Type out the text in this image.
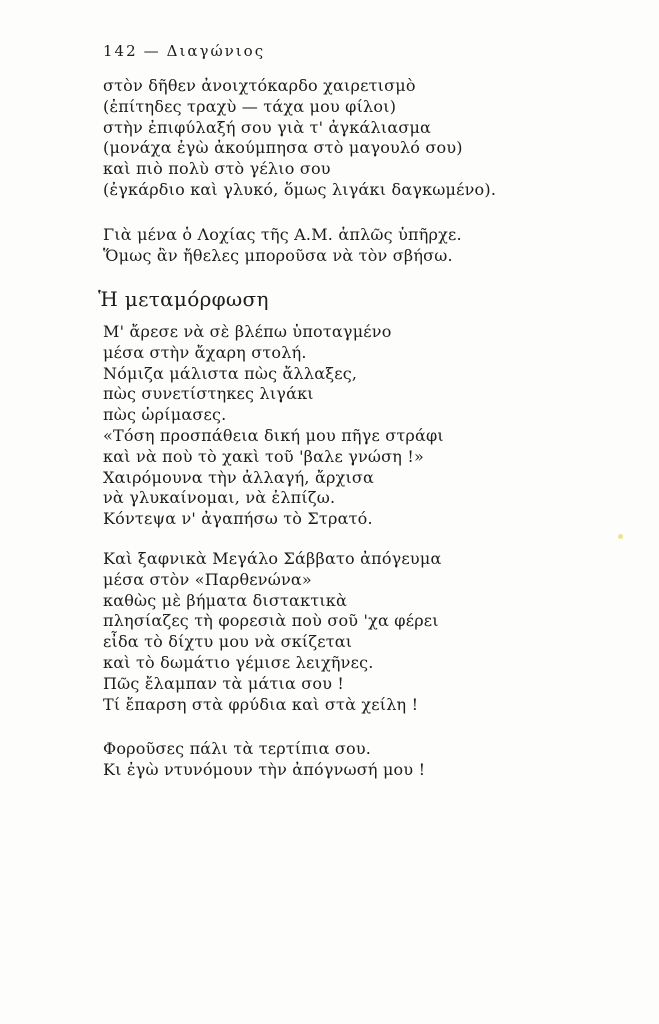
142 — Διαγώνιος
στὸν δῆθεν ἀνοιχτόκαρδο χαιρετισμὸ
(ἐπίτηδες τραχὺ — τάχα μου φίλοι)
στὴν ἐπιφύλαξή σου γιὰ τ' ἀγκάλιασμα
(μονάχα ἐγὼ ἀκούμπησα στὸ μαγουλό σου)
καὶ πιὸ πολὺ στὸ γέλιο σου
(ἐγκάρδιο καὶ γλυκό, ὅμως λιγάκι δαγκωμένο).
Γιὰ μένα ὁ Λοχίας τῆς Α.Μ. ἁπλῶς ὑπῆρχε.
Ὅμως ἂν ἤθελες μποροῦσα νὰ τὸν σβήσω.
Ἡ μεταμόρφωση
Μ' ἄρεσε νὰ σὲ βλέπω ὑποταγμένο
μέσα στὴν ἄχαρη στολή.
Νόμιζα μάλιστα πὼς ἄλλαξες,
πὼς συνετίστηκες λιγάκι
πὼς ὡρίμασες.
«Τόση προσπάθεια δική μου πῆγε στράφι
καὶ νὰ ποὺ τὸ χακὶ τοῦ 'βαλε γνώση !»
Χαιρόμουνα τὴν ἀλλαγή, ἄρχισα
νὰ γλυκαίνομαι, νὰ ἐλπίζω.
Κόντεψα ν' ἀγαπήσω τὸ Στρατό.
Καὶ ξαφνικὰ Μεγάλο Σάββατο ἀπόγευμα
μέσα στὸν «Παρθενώνα»
καθὼς μὲ βήματα διστακτικὰ
πλησίαζες τὴ φορεσιὰ ποὺ σοῦ 'χα φέρει
εἶδα τὸ δίχτυ μου νὰ σκίζεται
καὶ τὸ δωμάτιο γέμισε λειχῆνες.
Πῶς ἔλαμπαν τὰ μάτια σου !
Τί ἔπαρση στὰ φρύδια καὶ στὰ χείλη !
Φοροῦσες πάλι τὰ τερτίπια σου.
Κι ἐγὼ ντυνόμουν τὴν ἀπόγνωσή μου !
